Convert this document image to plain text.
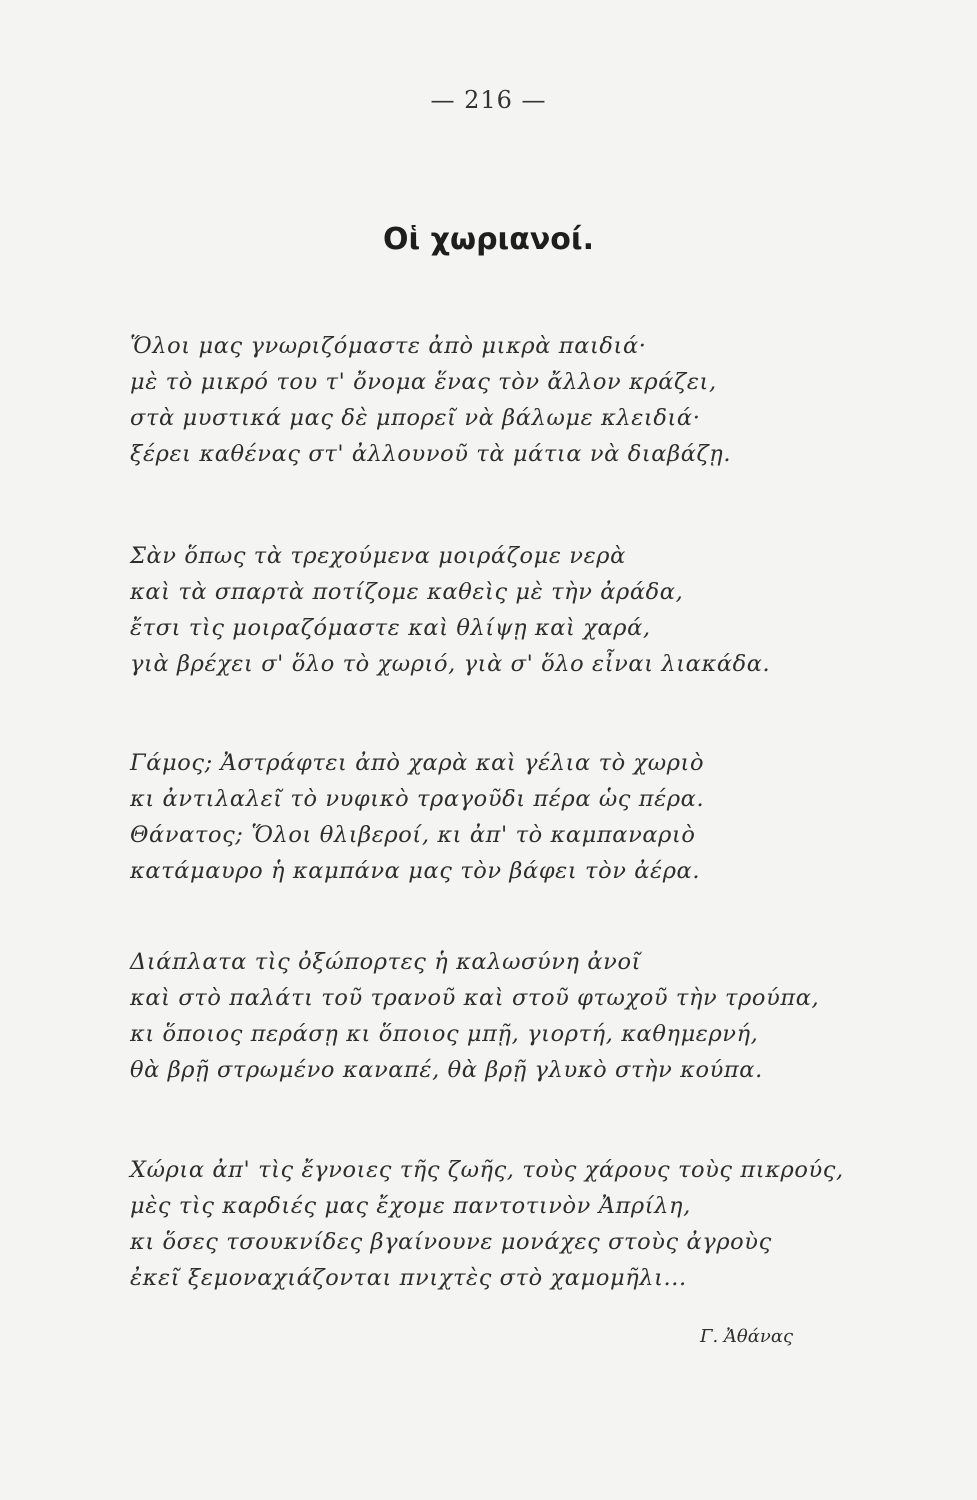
— 216 —
Οἱ χωριανοί.
Ὅλοι μας γνωριζόμαστε ἀπὸ μικρὰ παιδιά·
μὲ τὸ μικρό του τ' ὄνομα ἕνας τὸν ἄλλον κράζει,
στὰ μυστικά μας δὲ μπορεῖ νὰ βάλωμε κλειδιά·
ξέρει καθένας στ' ἀλλουνοῦ τὰ μάτια νὰ διαβάζῃ.
Σὰν ὅπως τὰ τρεχούμενα μοιράζομε νερὰ
καὶ τὰ σπαρτὰ ποτίζομε καθεὶς μὲ τὴν ἀράδα,
ἔτσι τὶς μοιραζόμαστε καὶ θλίψῃ καὶ χαρά,
γιὰ βρέχει σ' ὅλο τὸ χωριό, γιὰ σ' ὅλο εἶναι λιακάδα.
Γάμος; Ἀστράφτει ἀπὸ χαρὰ καὶ γέλια τὸ χωριὸ
κι ἀντιλαλεῖ τὸ νυφικὸ τραγοῦδι πέρα ὡς πέρα.
Θάνατος; Ὅλοι θλιβεροί, κι ἀπ' τὸ καμπαναριὸ
κατάμαυρο ἡ καμπάνα μας τὸν βάφει τὸν ἀέρα.
Διάπλατα τὶς ὀξώπορτες ἡ καλωσύνη ἀνοῖ
καὶ στὸ παλάτι τοῦ τρανοῦ καὶ στοῦ φτωχοῦ τὴν τρούπα,
κι ὅποιος περάσῃ κι ὅποιος μπῇ, γιορτή, καθημερνή,
θὰ βρῇ στρωμένο καναπέ, θὰ βρῇ γλυκὸ στὴν κούπα.
Χώρια ἀπ' τὶς ἔγνοιες τῆς ζωῆς, τοὺς χάρους τοὺς πικρούς,
μὲς τὶς καρδιές μας ἔχομε παντοτινὸν Ἀπρίλη,
κι ὅσες τσουκνίδες βγαίνουνε μονάχες στοὺς ἀγροὺς
ἐκεῖ ξεμοναχιάζονται πνιχτὲς στὸ χαμομῆλι...
Γ. Ἀθάνας
